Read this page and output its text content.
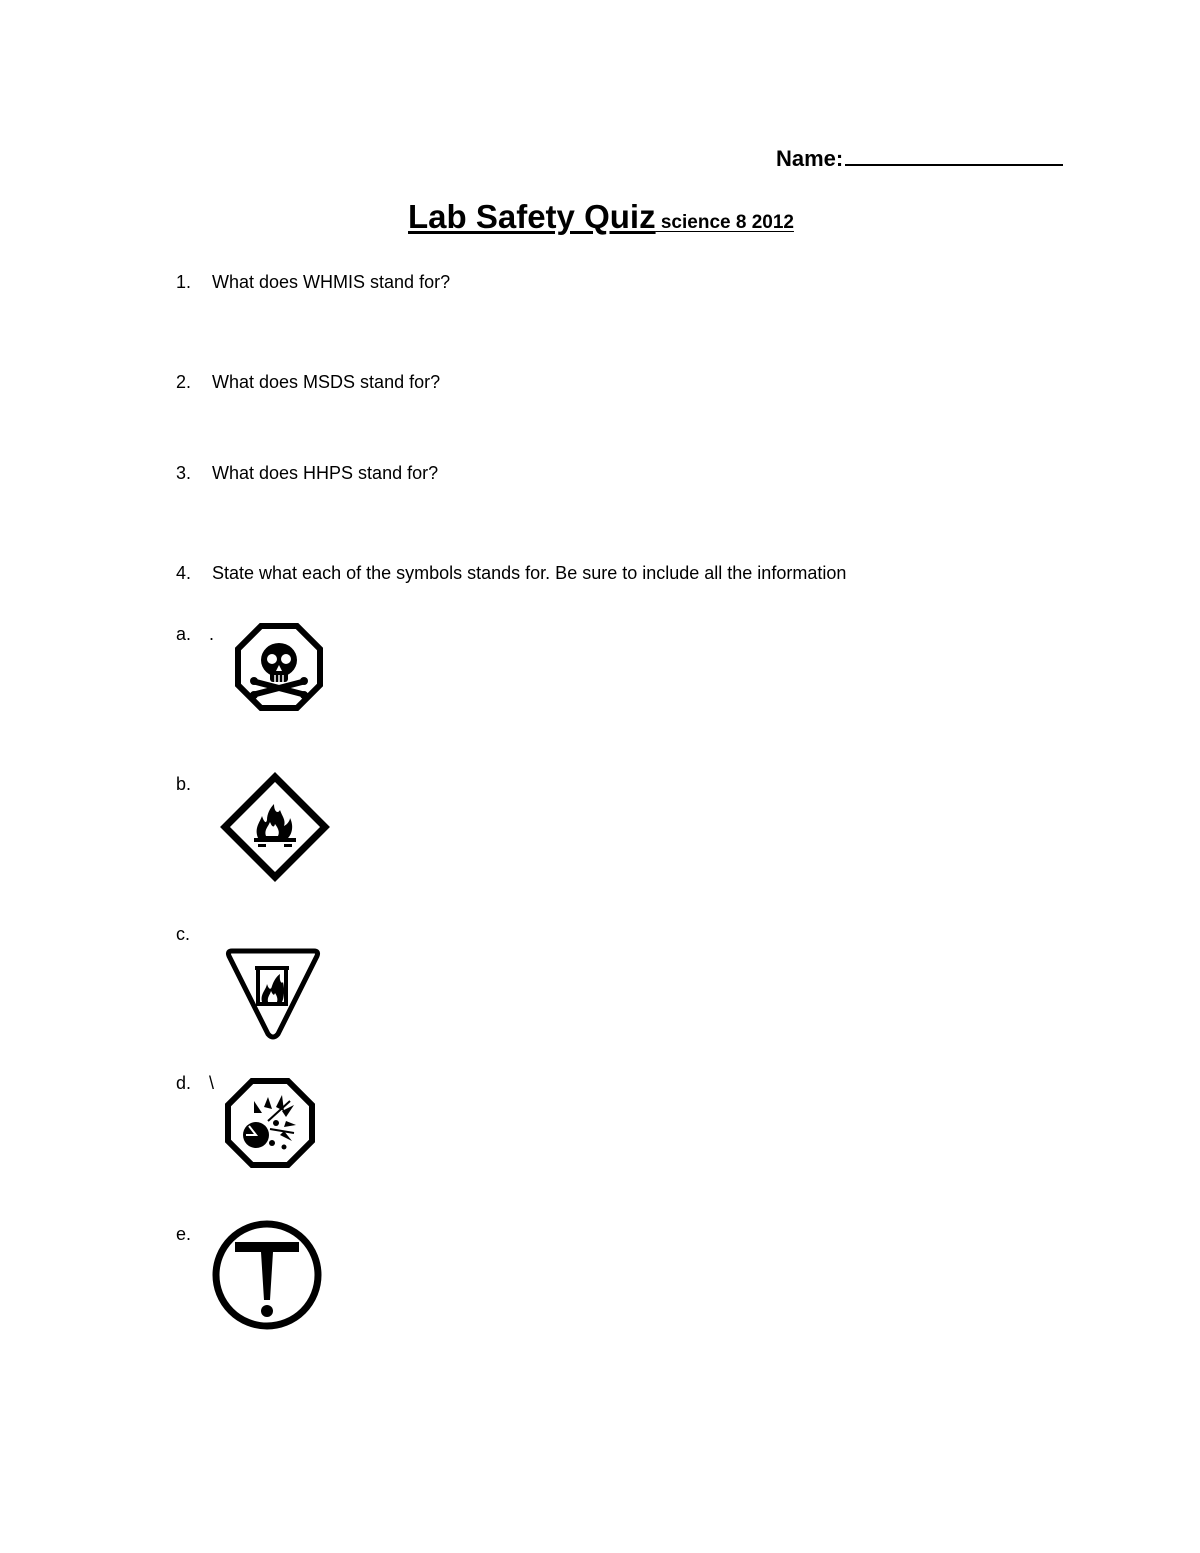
Name:
Lab Safety Quiz science 8 2012
1. What does WHMIS stand for?
2. What does MSDS stand for?
3. What does HHPS stand for?
4. State what each of the symbols stands for. Be sure to include all the information
a. .
b.
c.
d. \
e.
